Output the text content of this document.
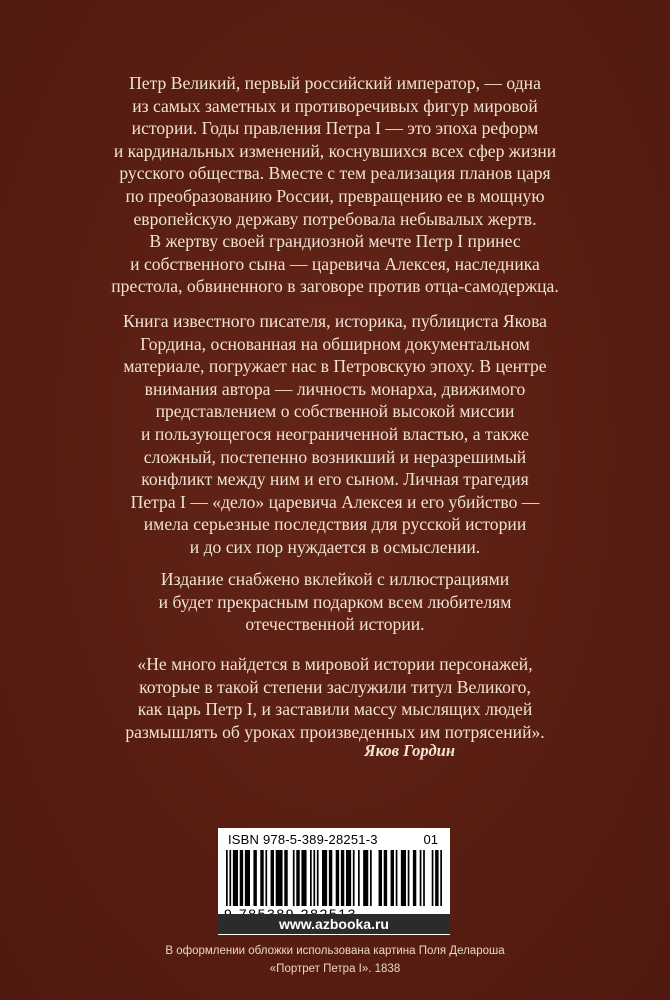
Петр Великий, первый российский император, — одна
из самых заметных и противоречивых фигур мировой
истории. Годы правления Петра I — это эпоха реформ
и кардинальных изменений, коснувшихся всех сфер жизни
русского общества. Вместе с тем реализация планов царя
по преобразованию России, превращению ее в мощную
европейскую державу потребовала небывалых жертв.
В жертву своей грандиозной мечте Петр I принес
и собственного сына — царевича Алексея, наследника
престола, обвиненного в заговоре против отца-самодержца.
Книга известного писателя, историка, публициста Якова
Гордина, основанная на обширном документальном
материале, погружает нас в Петровскую эпоху. В центре
внимания автора — личность монарха, движимого
представлением о собственной высокой миссии
и пользующегося неограниченной властью, а также
сложный, постепенно возникший и неразрешимый
конфликт между ним и его сыном. Личная трагедия
Петра I — «дело» царевича Алексея и его убийство —
имела серьезные последствия для русской истории
и до сих пор нуждается в осмыслении.
Издание снабжено вклейкой с иллюстрациями
и будет прекрасным подарком всем любителям
отечественной истории.
«Не много найдется в мировой истории персонажей,
которые в такой степени заслужили титул Великого,
как царь Петр I, и заставили массу мыслящих людей
размышлять об уроках произведенных им потрясений».
Яков Гордин
ISBN 978-5-389-28251-3	01
www.azbooka.ru
В оформлении обложки использована картина Поля Делароша
«Портрет Петра I». 1838
